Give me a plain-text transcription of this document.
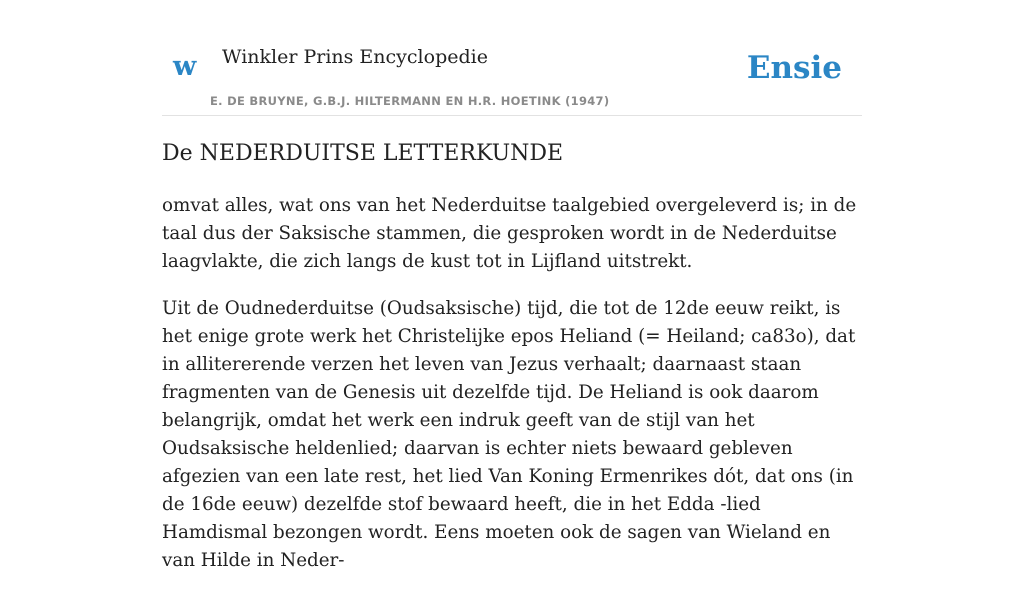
w Winkler Prins Encyclopedie
E. DE BRUYNE, G.B.J. HILTERMANN EN H.R. HOETINK (1947)
Ensie
De NEDERDUITSE LETTERKUNDE

omvat alles, wat ons van het Nederduitse taalgebied overgeleverd is; in de taal dus der Saksische stammen, die gesproken wordt in de Nederduitse laagvlakte, die zich langs de kust tot in Lijfland uitstrekt.

Uit de Oudnederduitse (Oudsaksische) tijd, die tot de 12de eeuw reikt, is het enige grote werk het Christelijke epos Heliand (= Heiland; ca83o), dat in allitererende verzen het leven van Jezus verhaalt; daarnaast staan fragmenten van de Genesis uit dezelfde tijd. De Heliand is ook daarom belangrijk, omdat het werk een indruk geeft van de stijl van het Oudsaksische heldenlied; daarvan is echter niets bewaard gebleven afgezien van een late rest, het lied Van Koning Ermenrikes dót, dat ons (in de 16de eeuw) dezelfde stof bewaard heeft, die in het Edda -lied Hamdismal bezongen wordt. Eens moeten ook de sagen van Wieland en van Hilde in Neder-
